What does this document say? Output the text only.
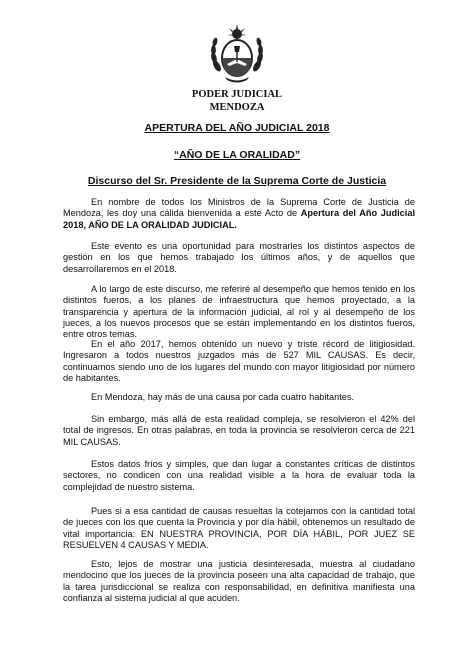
PODER JUDICIAL
MENDOZA
APERTURA DEL AÑO JUDICIAL 2018
“AÑO DE LA ORALIDAD”
Discurso del Sr. Presidente de la Suprema Corte de Justicia

En nombre de todos los Ministros de la Suprema Corte de Justicia de Mendoza, les doy una cálida bienvenida a este Acto de Apertura del Año Judicial 2018, AÑO DE LA ORALIDAD JUDICIAL.

Este evento es una oportunidad para mostrarles los distintos aspectos de gestión en los que hemos trabajado los últimos años, y de aquellos que desarrollaremos en el 2018.

A lo largo de este discurso, me referiré al desempeño que hemos tenido en los distintos fueros, a los planes de infraestructura que hemos proyectado, a la transparencia y apertura de la información judicial, al rol y al desempeño de los jueces, a los nuevos procesos que se están implementando en los distintos fueros, entre otros temas.

En el año 2017, hemos obtenido un nuevo y triste récord de litigiosidad. Ingresaron a todos nuestros juzgados más de 527 MIL CAUSAS. Es decir, continuamos siendo uno de los lugares del mundo con mayor litigiosidad por número de habitantes.

En Mendoza, hay más de una causa por cada cuatro habitantes.

Sin embargo, más allá de esta realidad compleja, se resolvieron el 42% del total de ingresos. En otras palabras, en toda la provincia se resolvieron cerca de 221 MIL CAUSAS.

Estos datos fríos y simples, que dan lugar a constantes críticas de distintos sectores, no condicen con una realidad visible a la hora de evaluar toda la complejidad de nuestro sistema.

Pues si a esa cantidad de causas resueltas la cotejamos con la cantidad total de jueces con los que cuenta la Provincia y por día hábil, obtenemos un resultado de vital importancia: EN NUESTRA PROVINCIA, POR DÍA HÁBIL, POR JUEZ SE RESUELVEN 4 CAUSAS Y MEDIA.

Esto, lejos de mostrar una justicia desinteresada, muestra al ciudadano mendocino que los jueces de la provincia poseen una alta capacidad de trabajo, que la tarea jurisdiccional se realiza con responsabilidad, en definitiva manifiesta una confianza al sistema judicial al que acuden.
